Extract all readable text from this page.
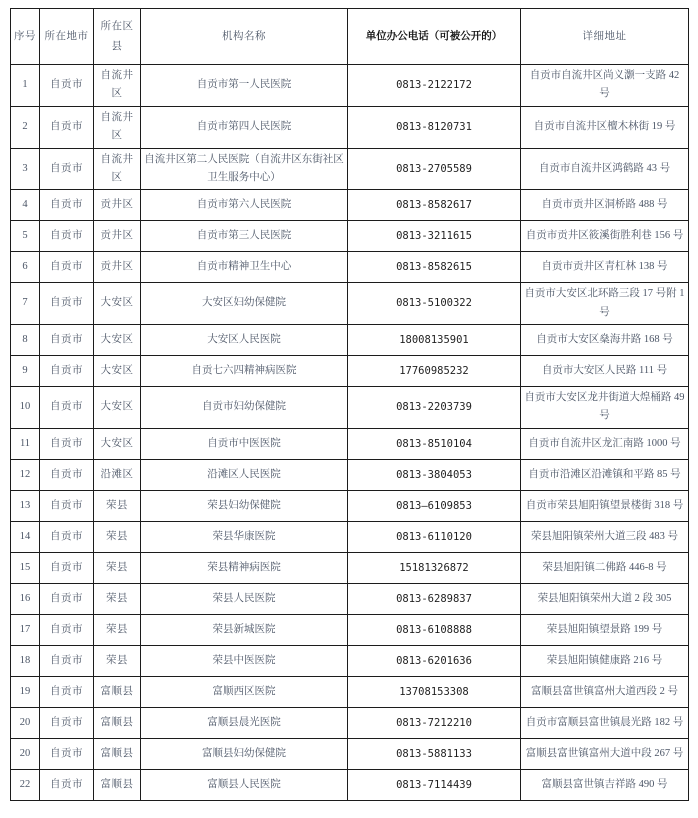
序号	所在地市	所在区县	机构名称	单位办公电话（可被公开的）	详细地址
1	自贡市	自流井区	自贡市第一人民医院	0813-2122172	自贡市自流井区尚义灏一支路 42 号
2	自贡市	自流井区	自贡市第四人民医院	0813-8120731	自贡市自流井区檀木林街 19 号
3	自贡市	自流井区	自流井区第二人民医院（自流井区东街社区卫生服务中心）	0813-2705589	自贡市自流井区鸿鹤路 43 号
4	自贡市	贡井区	自贡市第六人民医院	0813-8582617	自贡市贡井区洞桥路 488 号
5	自贡市	贡井区	自贡市第三人民医院	0813-3211615	自贡市贡井区筱溪街胜利巷 156 号
6	自贡市	贡井区	自贡市精神卫生中心	0813-8582615	自贡市贡井区青杠林 138 号
7	自贡市	大安区	大安区妇幼保健院	0813-5100322	自贡市大安区北环路三段 17 号附 1 号
8	自贡市	大安区	大安区人民医院	18008135901	自贡市大安区燊海井路 168 号
9	自贡市	大安区	自贡七六四精神病医院	17760985232	自贡市大安区人民路 111 号
10	自贡市	大安区	自贡市妇幼保健院	0813-2203739	自贡市大安区龙井街道大煌桶路 49 号
11	自贡市	大安区	自贡市中医医院	0813-8510104	自贡市自流井区龙汇南路 1000 号
12	自贡市	沿滩区	沿滩区人民医院	0813-3804053	自贡市沿滩区沿滩镇和平路 85 号
13	自贡市	荣县	荣县妇幼保健院	0813—6109853	自贡市荣县旭阳镇望景楼街 318 号
14	自贡市	荣县	荣县华康医院	0813-6110120	荣县旭阳镇荣州大道三段 483 号
15	自贡市	荣县	荣县精神病医院	15181326872	荣县旭阳镇二佛路 446-8 号
16	自贡市	荣县	荣县人民医院	0813-6289837	荣县旭阳镇荣州大道 2 段 305
17	自贡市	荣县	荣县新城医院	0813-6108888	荣县旭阳镇望景路 199 号
18	自贡市	荣县	荣县中医医院	0813-6201636	荣县旭阳镇健康路 216 号
19	自贡市	富顺县	富顺西区医院	13708153308	富顺县富世镇富州大道西段 2 号
20	自贡市	富顺县	富顺县晨光医院	0813-7212210	自贡市富顺县富世镇晨光路 182 号
20	自贡市	富顺县	富顺县妇幼保健院	0813-5881133	富顺县富世镇富州大道中段 267 号
22	自贡市	富顺县	富顺县人民医院	0813-7114439	富顺县富世镇吉祥路 490 号
